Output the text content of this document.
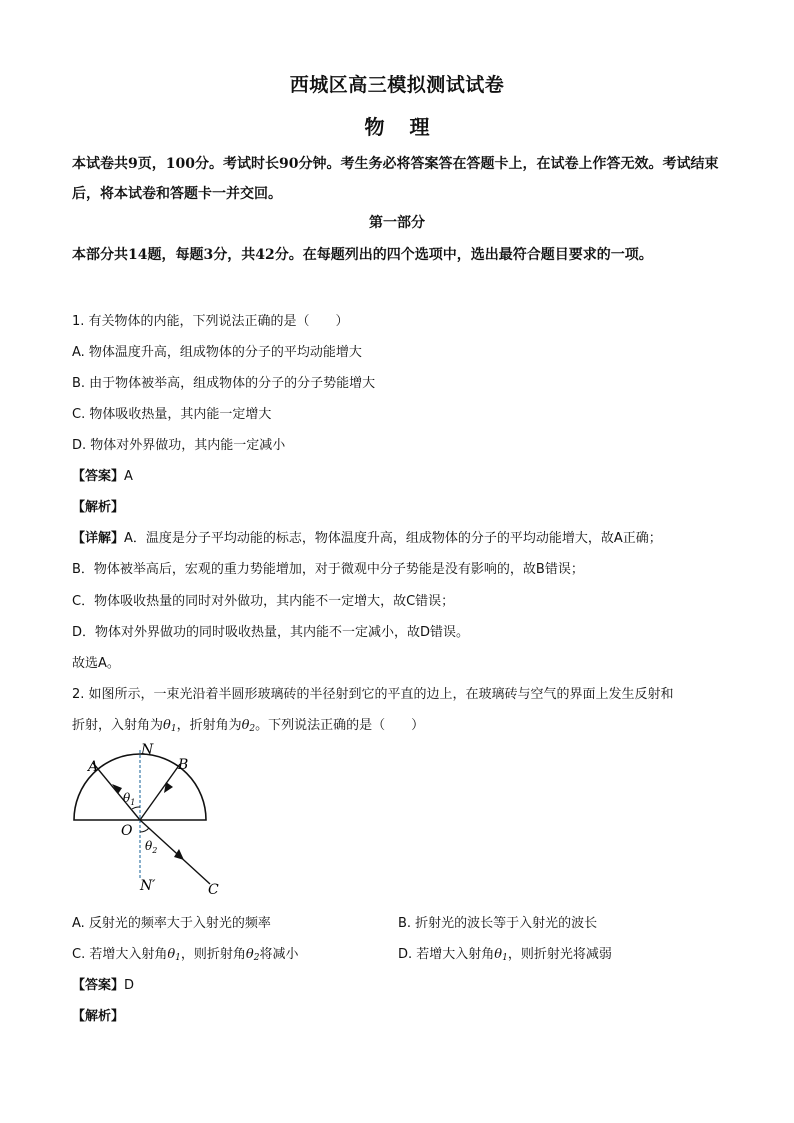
西城区高三模拟测试试卷
物 理
本试卷共9页，100分。考试时长90分钟。考生务必将答案答在答题卡上，在试卷上作答无效。考试结束后，将本试卷和答题卡一并交回。
第一部分
本部分共14题，每题3分，共42分。在每题列出的四个选项中，选出最符合题目要求的一项。
1. 有关物体的内能，下列说法正确的是（　　）
A. 物体温度升高，组成物体的分子的平均动能增大
B. 由于物体被举高，组成物体的分子的分子势能增大
C. 物体吸收热量，其内能一定增大
D. 物体对外界做功，其内能一定减小
【答案】A
【解析】
【详解】A．温度是分子平均动能的标志，物体温度升高，组成物体的分子的平均动能增大，故A正确；
B．物体被举高后，宏观的重力势能增加，对于微观中分子势能是没有影响的，故B错误；
C．物体吸收热量的同时对外做功，其内能不一定增大，故C错误；
D．物体对外界做功的同时吸收热量，其内能不一定减小，故D错误。
故选A。
2. 如图所示，一束光沿着半圆形玻璃砖的半径射到它的平直的边上，在玻璃砖与空气的界面上发生反射和
折射，入射角为$\theta_1$，折射角为$\theta_2$。下列说法正确的是（　　）
A
N
B
O
N′	C
$\theta_1$
$\theta_2$
A. 反射光的频率大于入射光的频率	B. 折射光的波长等于入射光的波长
C. 若增大入射角$\theta_1$，则折射角$\theta_2$将减小	D. 若增大入射角$\theta_1$，则折射光将减弱
【答案】D
【解析】
